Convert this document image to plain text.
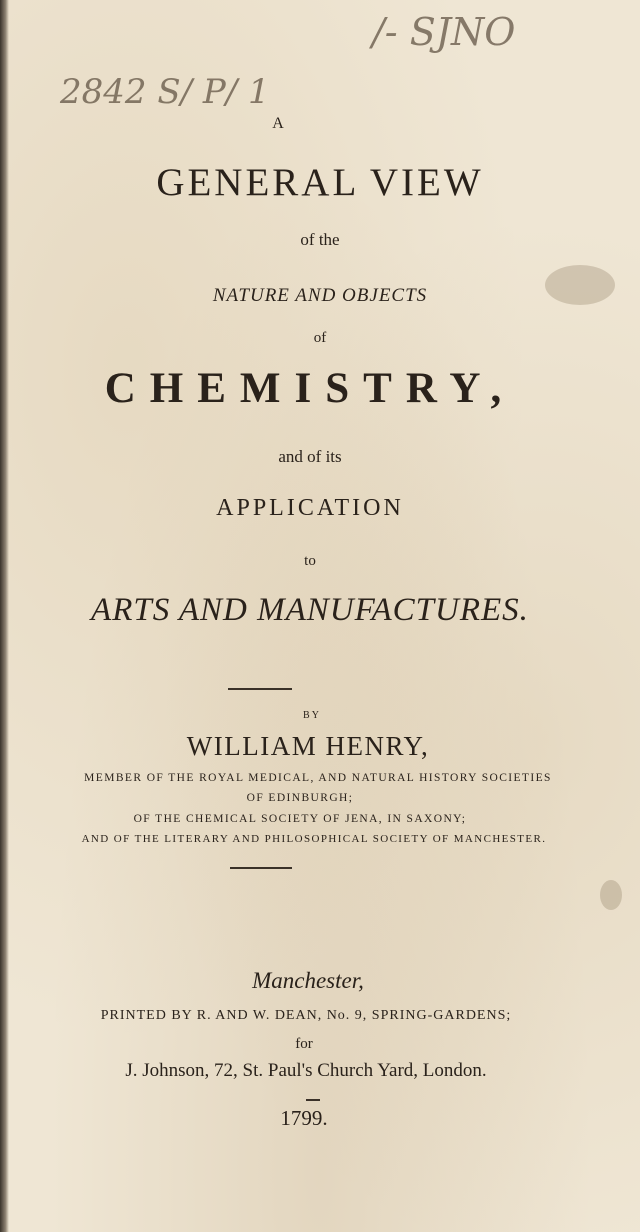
2842 S/ P/ 1
/- SJNO
A
GENERAL VIEW
of the
NATURE AND OBJECTS
of
CHEMISTRY,
and of its
APPLICATION
to
ARTS AND MANUFACTURES.
BY
WILLIAM HENRY,
MEMBER OF THE ROYAL MEDICAL, AND NATURAL HISTORY SOCIETIES
OF EDINBURGH;
OF THE CHEMICAL SOCIETY OF JENA, IN SAXONY;
AND OF THE LITERARY AND PHILOSOPHICAL SOCIETY OF MANCHESTER.
Manchester,
PRINTED BY R. AND W. DEAN, No. 9, SPRING-GARDENS;
for
J. Johnson, 72, St. Paul's Church Yard, London.
1799.
